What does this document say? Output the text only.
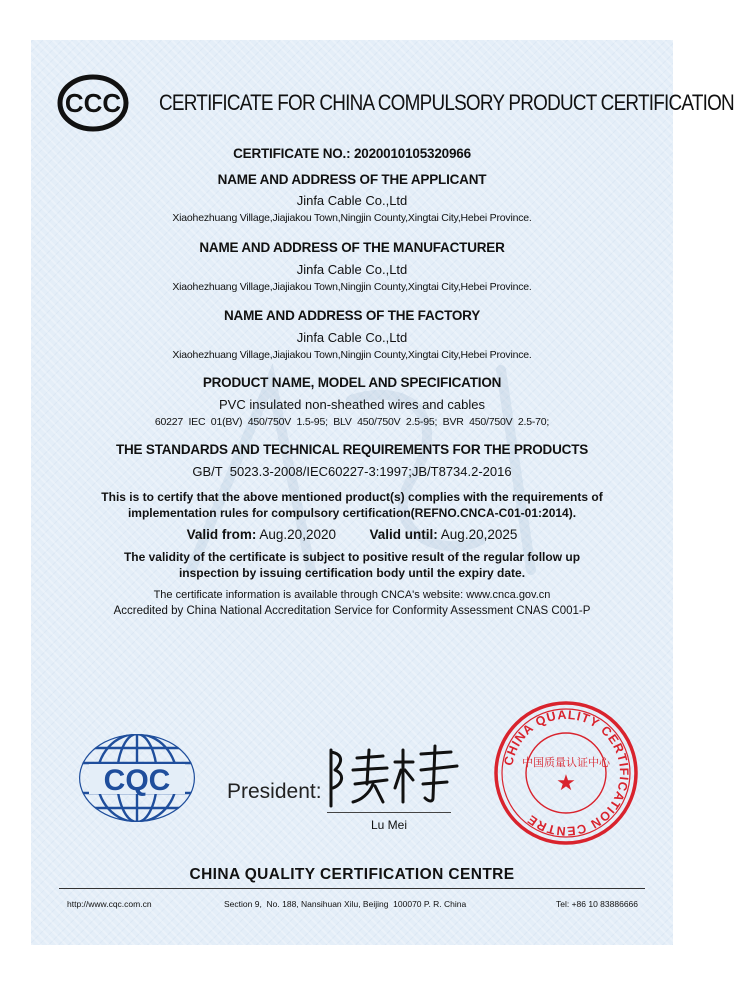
CCC CERTIFICATE FOR CHINA COMPULSORY PRODUCT CERTIFICATION
CERTIFICATE NO.: 2020010105320966
NAME AND ADDRESS OF THE APPLICANT
Jinfa Cable Co.,Ltd
Xiaohezhuang Village,Jiajiakou Town,Ningjin County,Xingtai City,Hebei Province.
NAME AND ADDRESS OF THE MANUFACTURER
Jinfa Cable Co.,Ltd
Xiaohezhuang Village,Jiajiakou Town,Ningjin County,Xingtai City,Hebei Province.
NAME AND ADDRESS OF THE FACTORY
Jinfa Cable Co.,Ltd
Xiaohezhuang Village,Jiajiakou Town,Ningjin County,Xingtai City,Hebei Province.
PRODUCT NAME, MODEL AND SPECIFICATION
PVC insulated non-sheathed wires and cables
60227  IEC  01(BV)  450/750V  1.5-95;  BLV  450/750V  2.5-95;  BVR  450/750V  2.5-70;
THE STANDARDS AND TECHNICAL REQUIREMENTS FOR THE PRODUCTS
GB/T  5023.3-2008/IEC60227-3:1997;JB/T8734.2-2016
This is to certify that the above mentioned product(s) complies with the requirements of
implementation rules for compulsory certification(REFNO.CNCA-C01-01:2014).
Valid from: Aug.20,2020 Valid until: Aug.20,2025
The validity of the certificate is subject to positive result of the regular follow up
inspection by issuing certification body until the expiry date.
The certificate information is available through CNCA's website: www.cnca.gov.cn
Accredited by China National Accreditation Service for Conformity Assessment CNAS C001-P
CQC	President:
Lu Mei
CHINA QUALITY CERTIFICATION CENTRE
中国质量认证中心
★
CHINA QUALITY CERTIFICATION CENTRE
http://www.cqc.com.cn	Section 9,  No. 188, Nansihuan Xilu, Beijing  100070 P. R. China	Tel: +86 10 83886666
